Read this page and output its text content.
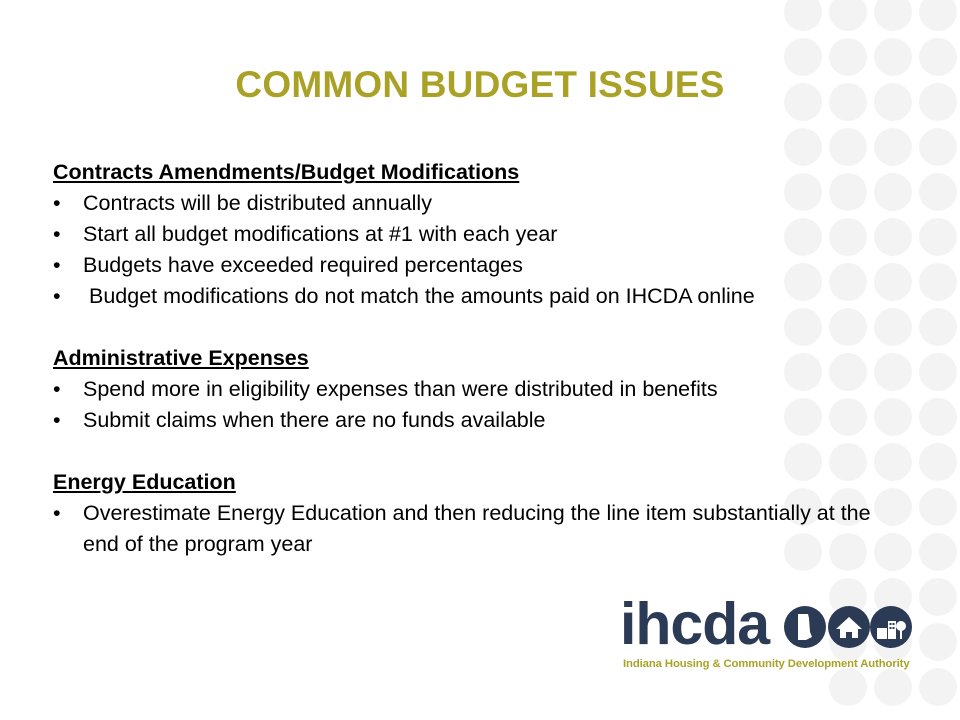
COMMON BUDGET ISSUES
Contracts Amendments/Budget Modifications
•	Contracts will be distributed annually
•	Start all budget modifications at #1 with each year
•	Budgets have exceeded required percentages
•	Budget modifications do not match the amounts paid on IHCDA online
Administrative Expenses
•	Spend more in eligibility expenses than were distributed in benefits
•	Submit claims when there are no funds available
Energy Education
•	Overestimate Energy Education and then reducing the line item substantially at the end of the program year
ihcda
Indiana Housing & Community Development Authority
